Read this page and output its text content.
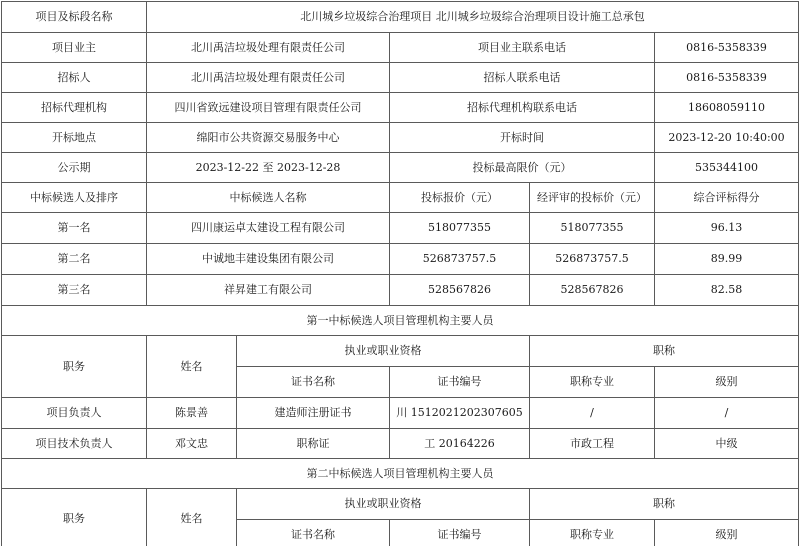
项目及标段名称	北川城乡垃圾综合治理项目 北川城乡垃圾综合治理项目设计施工总承包				
项目业主	北川禹洁垃圾处理有限责任公司		项目业主联系电话		0816-5358339
招标人	北川禹洁垃圾处理有限责任公司		招标人联系电话		0816-5358339
招标代理机构	四川省致远建设项目管理有限责任公司		招标代理机构联系电话		18608059110
开标地点	绵阳市公共资源交易服务中心		开标时间		2023-12-20 10:40:00
公示期	2023-12-22 至 2023-12-28		投标最高限价（元）		535344100
中标候选人及排序	中标候选人名称		投标报价（元）	经评审的投标价（元）	综合评标得分
第一名	四川康运卓太建设工程有限公司		518077355	518077355	96.13
第二名	中诚地丰建设集团有限公司		526873757.5	526873757.5	89.99
第三名	祥昇建工有限公司		528567826	528567826	82.58
第一中标候选人项目管理机构主要人员					
职务	姓名	执业或职业资格		职称	
		证书名称	证书编号	职称专业	级别
项目负责人	陈景善	建造师注册证书	川 1512021202307605	/	/
项目技术负责人	邓文忠	职称证	工 20164226	市政工程	中级
第二中标候选人项目管理机构主要人员					
职务	姓名	执业或职业资格		职称	
		证书名称	证书编号	职称专业	级别
